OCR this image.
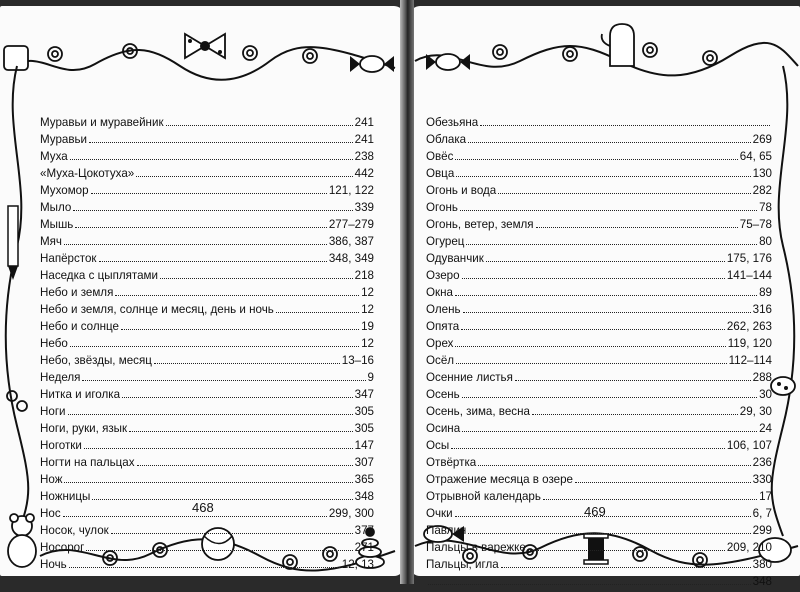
Муравьи и муравейник	241
Муравьи	241
Муха	238
«Муха-Цокотуха»	442
Мухомор	121, 122
Мыло	339
Мышь	277–279
Мяч	386, 387
Напёрсток	348, 349
Наседка с цыплятами	218
Небо и земля	12
Небо и земля, солнце и месяц, день и ночь	12
Небо и солнце	19
Небо	12
Небо, звёзды, месяц	13–16
Неделя	9
Нитка и иголка	347
Ноги	305
Ноги, руки, язык	305
Ноготки	147
Ногти на пальцах	307
Нож	365
Ножницы	348
Нос	299, 300
Носок, чулок	377
Носорог	271
Ночь	12, 13
468
Обезьяна
Облака	269
Овёс	64, 65
Овца	130
Огонь и вода	282
Огонь	78
Огонь, ветер, земля	75–78
Огурец	80
Одуванчик	175, 176
Озеро	141–144
Окна	89
Олень	316
Опята	262, 263
Орех	119, 120
Осёл	112–114
Осенние листья	288
Осень	30
Осень, зима, весна	29, 30
Осина	24
Осы	106, 107
Отвёртка	236
Отражение месяца в озере	330
Отрывной календарь	17
Очки	6, 7
Павлин	299
Пальцы в варежке	209, 210
Пальцы, игла	380
348
469
